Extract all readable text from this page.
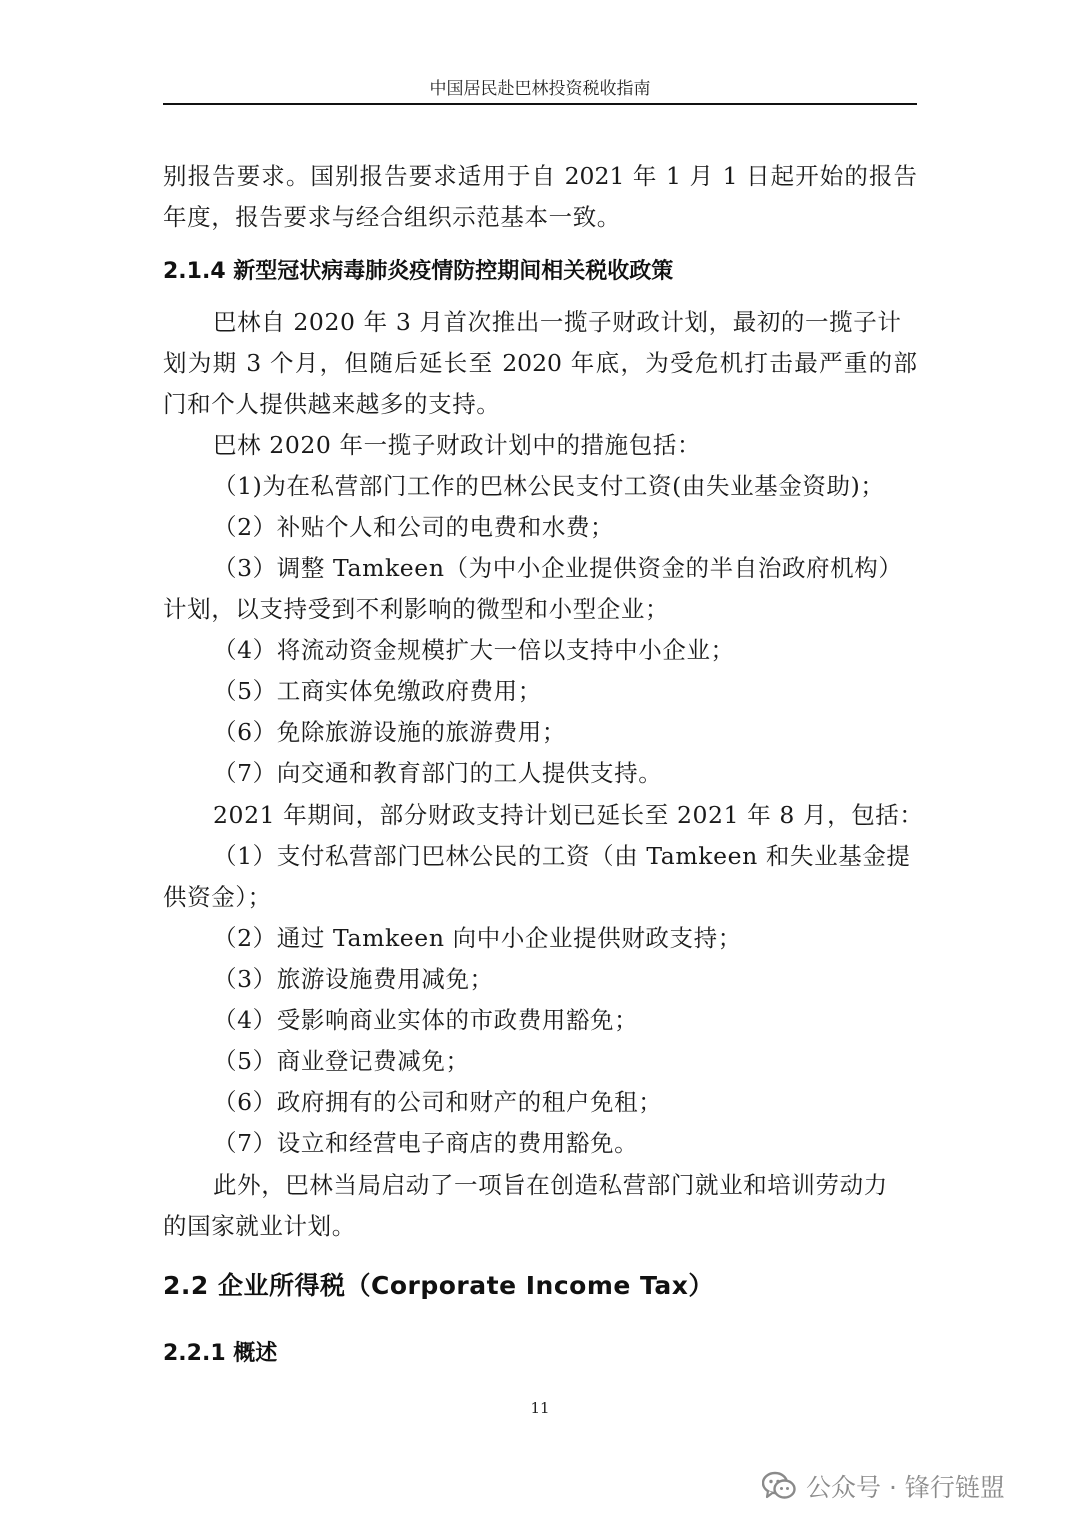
中国居民赴巴林投资税收指南
别报告要求。国别报告要求适用于自 2021 年 1 月 1 日起开始的报告
年度，报告要求与经合组织示范基本一致。
2.1.4 新型冠状病毒肺炎疫情防控期间相关税收政策
巴林自 2020 年 3 月首次推出一揽子财政计划，最初的一揽子计
划为期 3 个月，但随后延长至 2020 年底，为受危机打击最严重的部
门和个人提供越来越多的支持。
巴林 2020 年一揽子财政计划中的措施包括：
（1)为在私营部门工作的巴林公民支付工资(由失业基金资助)；
（2）补贴个人和公司的电费和水费；
（3）调整 Tamkeen（为中小企业提供资金的半自治政府机构）
计划，以支持受到不利影响的微型和小型企业；
（4）将流动资金规模扩大一倍以支持中小企业；
（5）工商实体免缴政府费用；
（6）免除旅游设施的旅游费用；
（7）向交通和教育部门的工人提供支持。
2021 年期间，部分财政支持计划已延长至 2021 年 8 月，包括：
（1）支付私营部门巴林公民的工资（由 Tamkeen 和失业基金提
供资金）；
（2）通过 Tamkeen 向中小企业提供财政支持；
（3）旅游设施费用减免；
（4）受影响商业实体的市政费用豁免；
（5）商业登记费减免；
（6）政府拥有的公司和财产的租户免租；
（7）设立和经营电子商店的费用豁免。
此外，巴林当局启动了一项旨在创造私营部门就业和培训劳动力
的国家就业计划。
2.2 企业所得税（Corporate Income Tax）
2.2.1 概述
11
公众号 · 锋行链盟
